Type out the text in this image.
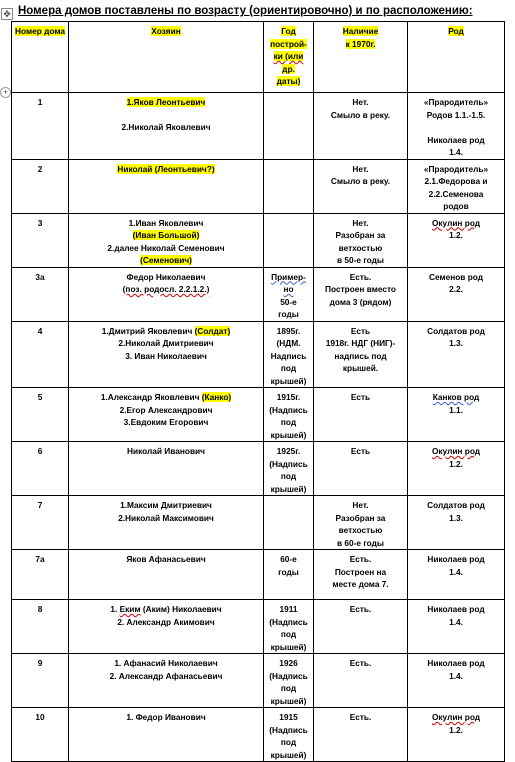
✥
+
Номера домов поставлены по возрасту (ориентировочно) и по расположению:
Номер дома	Хозяин	Год
построй-
ки (или
др.
даты)	Наличие
к 1970г.	Род
1	1.Яков Леонтьевич

2.Николай Яковлевич		Нет.
Смыло в реку.	«Прародитель»
Родов 1.1.-1.5.

Николаев род
1.4.

2	Николай (Леонтьевич?)		Нет.
Смыло в реку.	«Прародитель»
2.1.Федорова и
2.2.Семенова
родов

3	1.Иван Яковлевич
(Иван Большой)
2.далее Николай Семенович
(Семенович)		Нет.
Разобран за
ветхостью
в 50-е годы	Окулин род
1.2.

3а	Федор Николаевич
(поз. родосл. 2.2.1.2.)	Пример-
но
50-е
годы	Есть.
Построен вместо
дома 3 (рядом)	Семенов род
2.2.

4	1.Дмитрий Яковлевич (Солдат)
2.Николай Дмитриевич
3. Иван Николаевич	1895г.
(НДМ.
Надпись
под
крышей)	Есть
1918г. НДГ (НИГ)-
надпись под
крышей.	Солдатов род
1.3.

5	1.Александр Яковлевич (Канко)
2.Егор Александрович
3.Евдоким Егорович	1915г.
(Надпись
под
крышей)	Есть	Канков род
1.1.

6	Николай Иванович	1925г.
(Надпись
под
крышей)	Есть	Окулин род
1.2.

7	1.Максим Дмитриевич
2.Николай Максимович		Нет.
Разобран за
ветхостью
в 60-е годы	Солдатов род
1.3.

7а	Яков Афанасьевич	60-е
годы	Есть.
Построен на
месте дома 7.	Николаев род
1.4.

8	1. Еким (Аким) Николаевич
2. Александр Акимович	1911
(Надпись
под
крышей)	Есть.	Николаев род
1.4.

9	1. Афанасий Николаевич
2. Александр Афанасьевич	1926
(Надпись
под
крышей)	Есть.	Николаев род
1.4.

10	1. Федор Иванович	1915
(Надпись
под
крышей)	Есть.	Окулин род
1.2.
